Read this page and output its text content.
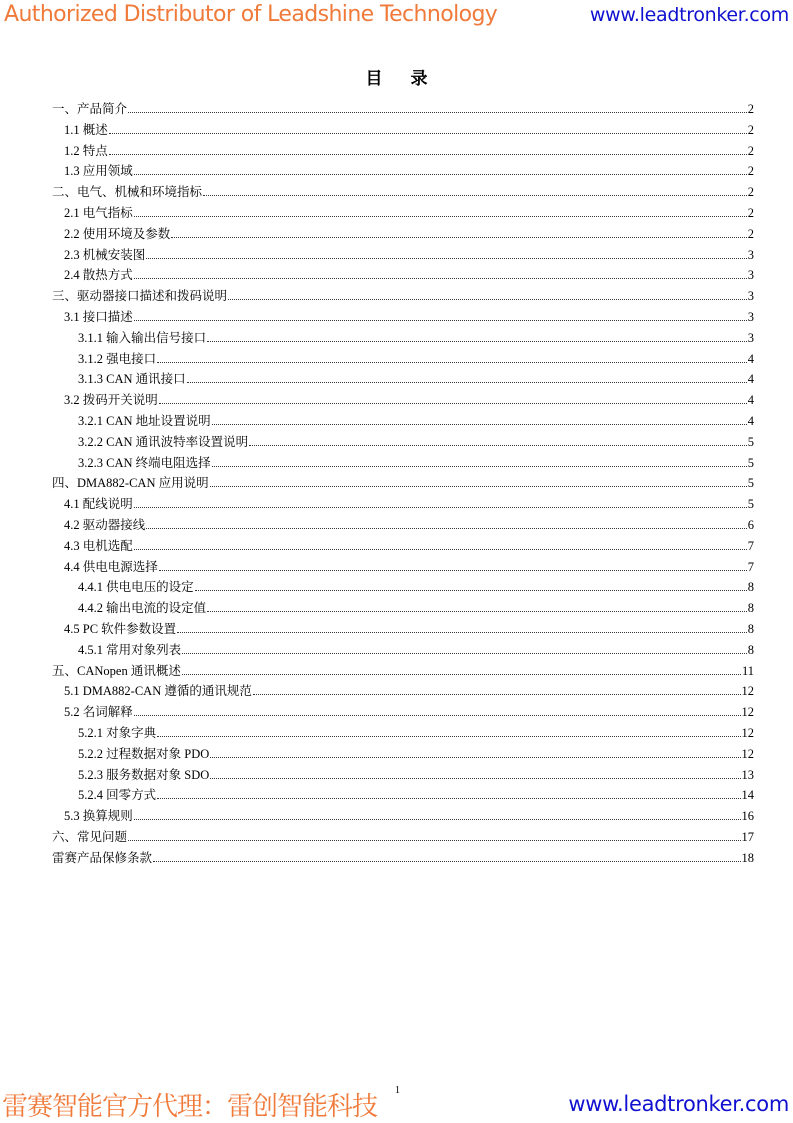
Authorized Distributor of Leadshine Technology	www.leadtronker.com
目 录
一、产品简介	2
1.1 概述	2
1.2 特点	2
1.3 应用领域	2
二、电气、机械和环境指标	2
2.1 电气指标	2
2.2 使用环境及参数	2
2.3 机械安装图	3
2.4 散热方式	3
三、驱动器接口描述和拨码说明	3
3.1 接口描述	3
3.1.1 输入输出信号接口	3
3.1.2 强电接口	4
3.1.3 CAN 通讯接口	4
3.2 拨码开关说明	4
3.2.1 CAN 地址设置说明	4
3.2.2 CAN 通讯波特率设置说明	5
3.2.3 CAN 终端电阻选择	5
四、DMA882-CAN 应用说明	5
4.1 配线说明	5
4.2 驱动器接线	6
4.3 电机选配	7
4.4 供电电源选择	7
4.4.1 供电电压的设定	8
4.4.2 输出电流的设定值	8
4.5 PC 软件参数设置	8
4.5.1 常用对象列表	8
五、CANopen 通讯概述	11
5.1 DMA882-CAN 遵循的通讯规范	12
5.2 名词解释	12
5.2.1 对象字典	12
5.2.2 过程数据对象 PDO	12
5.2.3 服务数据对象 SDO	13
5.2.4 回零方式	14
5.3 换算规则	16
六、常见问题	17
雷赛产品保修条款	18
1
雷赛智能官方代理：雷创智能科技	www.leadtronker.com
